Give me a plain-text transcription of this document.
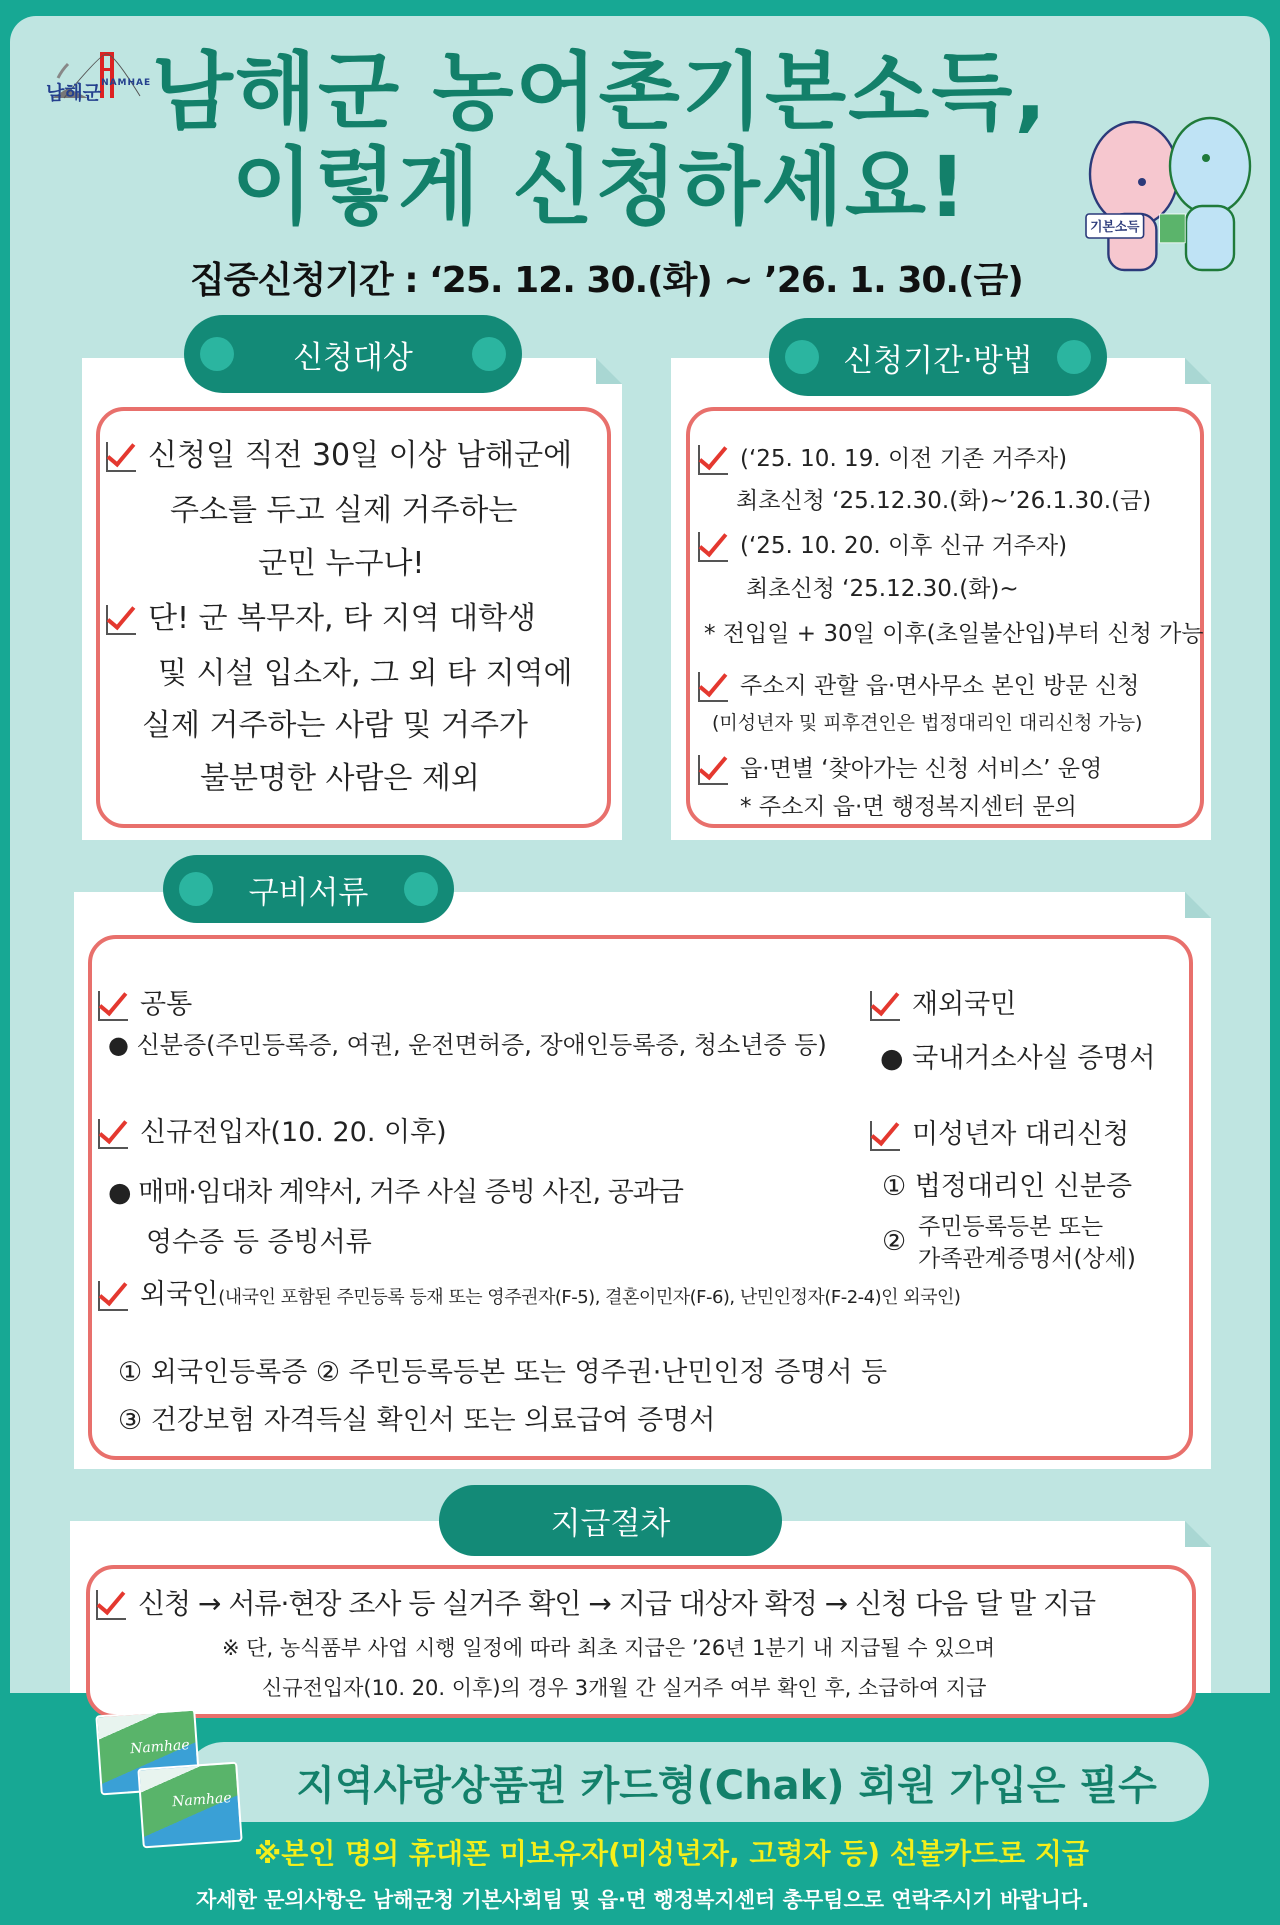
남해군$^{NAMHAE}$ 남해군 농어촌기본소득,
이렇게 신청하세요!	기본소득
집중신청기간 : ‘25. 12. 30.(화) ~ ’26. 1. 30.(금)
신청대상
신청일 직전 30일 이상 남해군에
주소를 두고 실제 거주하는
군민 누구나!
단! 군 복무자, 타 지역 대학생
및 시설 입소자, 그 외 타 지역에
실제 거주하는 사람 및 거주가
불분명한 사람은 제외
신청기간·방법
(‘25. 10. 19. 이전 기존 거주자)
최초신청 ‘25.12.30.(화)~’26.1.30.(금)
(‘25. 10. 20. 이후 신규 거주자)
최초신청 ‘25.12.30.(화)~
* 전입일 + 30일 이후(초일불산입)부터 신청 가능
주소지 관할 읍·면사무소 본인 방문 신청
(미성년자 및 피후견인은 법정대리인 대리신청 가능)
읍·면별 ‘찾아가는 신청 서비스’ 운영
* 주소지 읍·면 행정복지센터 문의
구비서류
공통
● 신분증(주민등록증, 여권, 운전면허증, 장애인등록증, 청소년증 등)
재외국민
● 국내거소사실 증명서
신규전입자(10. 20. 이후)
● 매매·임대차 계약서, 거주 사실 증빙 사진, 공과금
영수증 등 증빙서류
미성년자 대리신청
① 법정대리인 신분증
② 주민등록등본 또는
가족관계증명서(상세)
외국인(내국인 포함된 주민등록 등재 또는 영주권자(F-5), 결혼이민자(F-6), 난민인정자(F-2-4)인 외국인)
① 외국인등록증 ② 주민등록등본 또는 영주권·난민인정 증명서 등
③ 건강보험 자격득실 확인서 또는 의료급여 증명서
지급절차
신청 → 서류·현장 조사 등 실거주 확인 → 지급 대상자 확정 → 신청 다음 달 말 지급
※ 단, 농식품부 사업 시행 일정에 따라 최초 지급은 ’26년 1분기 내 지급될 수 있으며
신규전입자(10. 20. 이후)의 경우 3개월 간 실거주 여부 확인 후, 소급하여 지급
지역사랑상품권 카드형(Chak) 회원 가입은 필수
Namhae
Namhae
※본인 명의 휴대폰 미보유자(미성년자, 고령자 등) 선불카드로 지급
자세한 문의사항은 남해군청 기본사회팀 및 읍·면 행정복지센터 총무팀으로 연락주시기 바랍니다.
